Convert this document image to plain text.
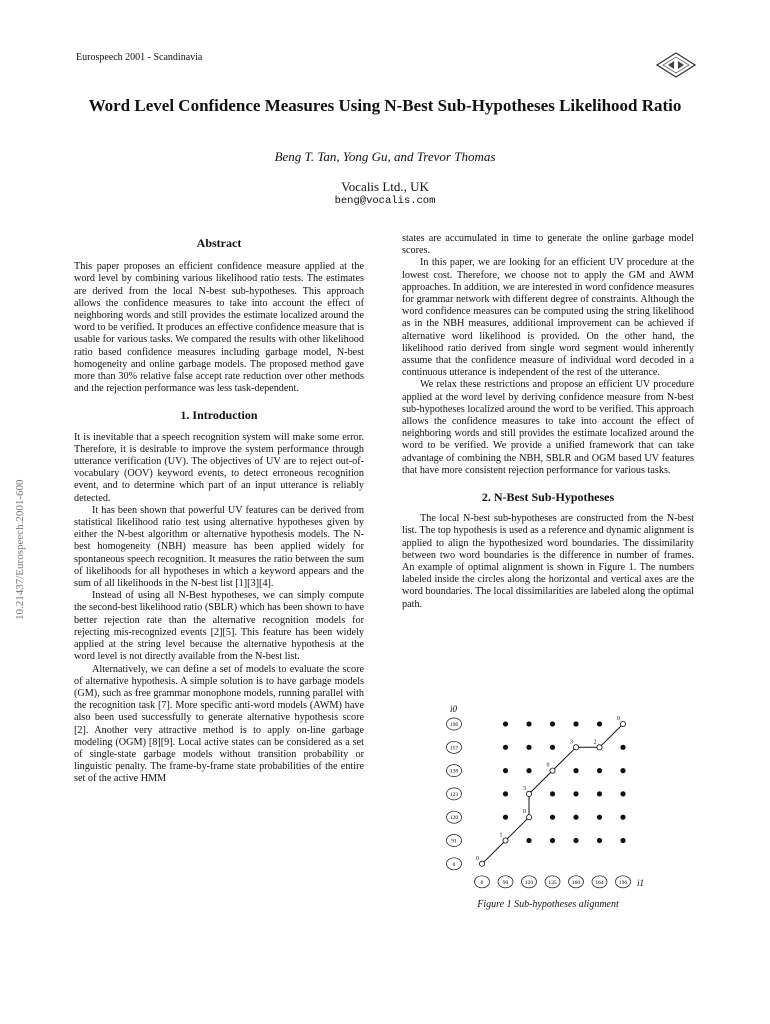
Eurospeech 2001 - Scandinavia
10.21437/Eurospeech.2001-600
Word Level Confidence Measures Using N-Best Sub-Hypotheses Likelihood Ratio
Beng T. Tan, Yong Gu, and Trevor Thomas
Vocalis Ltd., UK
beng@vocalis.com
Abstract

This paper proposes an efficient confidence measure applied at the word level by combining various likelihood ratio tests. The estimates are derived from the local N-best sub-hypotheses. This approach allows the confidence measures to take into account the effect of neighboring words and still provides the estimate localized around the word to be verified. It produces an effective confidence measure that is usable for various tasks. We compared the results with other likelihood ratio based confidence measures including garbage model, N-best homogeneity and online garbage models. The proposed method gave more than 30% relative false accept rate reduction over other methods and the rejection performance was less task-dependent.

1. Introduction

It is inevitable that a speech recognition system will make some error. Therefore, it is desirable to improve the system performance through utterance verification (UV). The objectives of UV are to reject out-of-vocabulary (OOV) keyword events, to detect erroneous recognition event, and to determine which part of an input utterance is reliably detected.

It has been shown that powerful UV features can be derived from statistical likelihood ratio test using alternative hypotheses given by either the N-best algorithm or alternative hypothesis models. The N-best homogeneity (NBH) measure has been applied widely for spontaneous speech recognition. It measures the ratio between the sum of likelihoods for all hypotheses in which a keyword appears and the sum of all likelihoods in the N-best list [1][3][4].

Instead of using all N-Best hypotheses, we can simply compute the second-best likelihood ratio (SBLR) which has been shown to have better rejection rate than the alternative recognition models for rejecting mis-recognized events [2][5]. This feature has been widely applied at the string level because the alternative hypothesis at the word level is not directly available from the N-best list.

Alternatively, we can define a set of models to evaluate the score of alternative hypothesis. A simple solution is to have garbage models (GM), such as free grammar monophone models, running parallel with the recognition task [7]. More specific anti-word models (AWM) have also been used successfully to generate alternative hypothesis score [2]. Another very attractive method is to apply on-line garbage modeling (OGM) [8][9]. Local active states can be considered as a set of single-state garbage models without transition probability or linguistic penalty. The frame-by-frame state probabilities of the entire set of the active HMM

states are accumulated in time to generate the online garbage model scores.

In this paper, we are looking for an efficient UV procedure at the lowest cost. Therefore, we choose not to apply the GM and AWM approaches. In addition, we are interested in word confidence measures for grammar network with different degree of constraints. Although the word confidence measures can be computed using the string likelihood as in the NBH measures, additional improvement can be achieved if alternative word likelihood is provided. On the other hand, the likelihood ratio derived from single word segment would inherently assume that the confidence measure of individual word decoded in a continuous utterance is independent of the rest of the utterance.

We relax these restrictions and propose an efficient UV procedure applied at the word level by deriving confidence measure from N-best sub-hypotheses localized around the word to be verified. This approach allows the confidence measures to take into account the effect of neighboring words and still provides the estimate localized around the word to be verified. We provide a unified framework that can take advantage of combining the NBH, SBLR and OGM based UV features that have more consistent rejection performance for various tasks.

2. N-Best Sub-Hypotheses

The local N-best sub-hypotheses are constructed from the N-best list. The top hypothesis is used as a reference and dynamic alignment is applied to align the hypothesized word boundaries. The dissimilarity between two word boundaries is the difference in number of frames. An example of optimal alignment is shown in Figure 1. The numbers labeled inside the circles along the horizontal and vertical axes are the word boundaries. The local dissimilarities are labeled along the optimal path.

0
1
0
3
0
3	2
0
196
157
138
123
120
91
0
0	90	120	135	160	164	196
i0
i1
Figure 1 Sub-hypotheses alignment
